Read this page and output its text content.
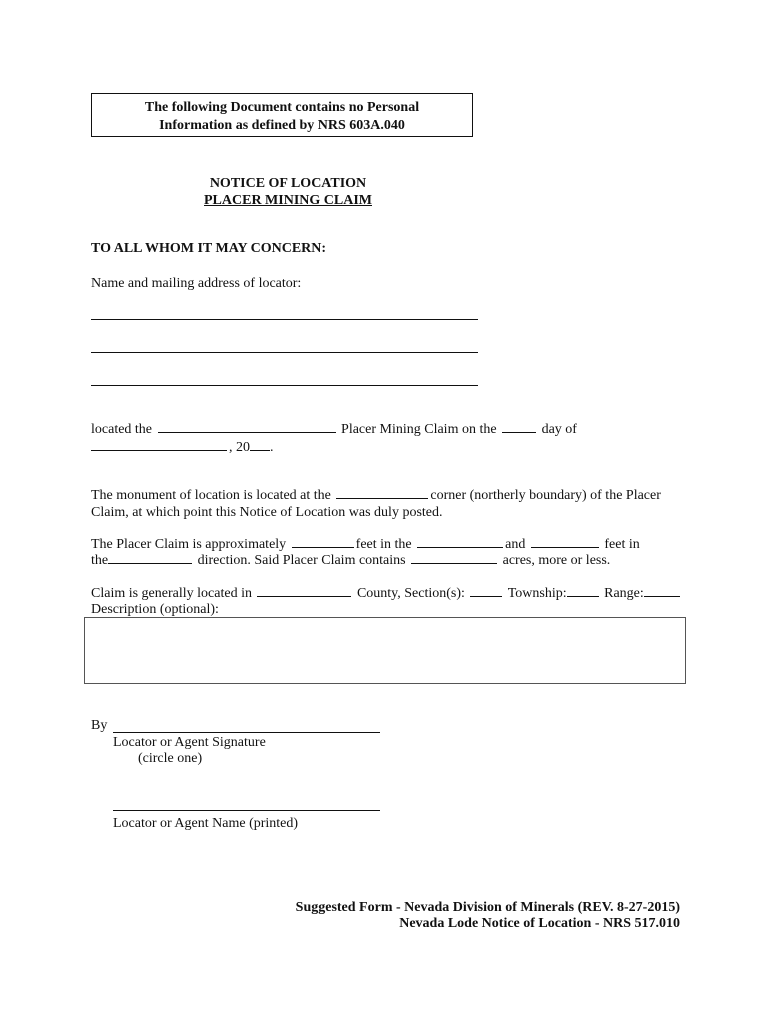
The following Document contains no Personal
Information as defined by NRS 603A.040
NOTICE OF LOCATION
PLACER MINING CLAIM
TO ALL WHOM IT MAY CONCERN:
Name and mailing address of locator:
located the	Placer Mining Claim on the	day of
, 20 .
The monument of location is located at the	corner (northerly boundary) of the Placer
Claim, at which point this Notice of Location was duly posted.
The Placer Claim is approximately	feet in the	and	feet in
the	direction. Said Placer Claim contains	acres, more or less.
Claim is generally located in	County, Section(s):	Township:	Range:
Description (optional):
By
Locator or Agent Signature
(circle one)
Locator or Agent Name (printed)
Suggested Form - Nevada Division of Minerals (REV. 8-27-2015)
Nevada Lode Notice of Location - NRS 517.010
